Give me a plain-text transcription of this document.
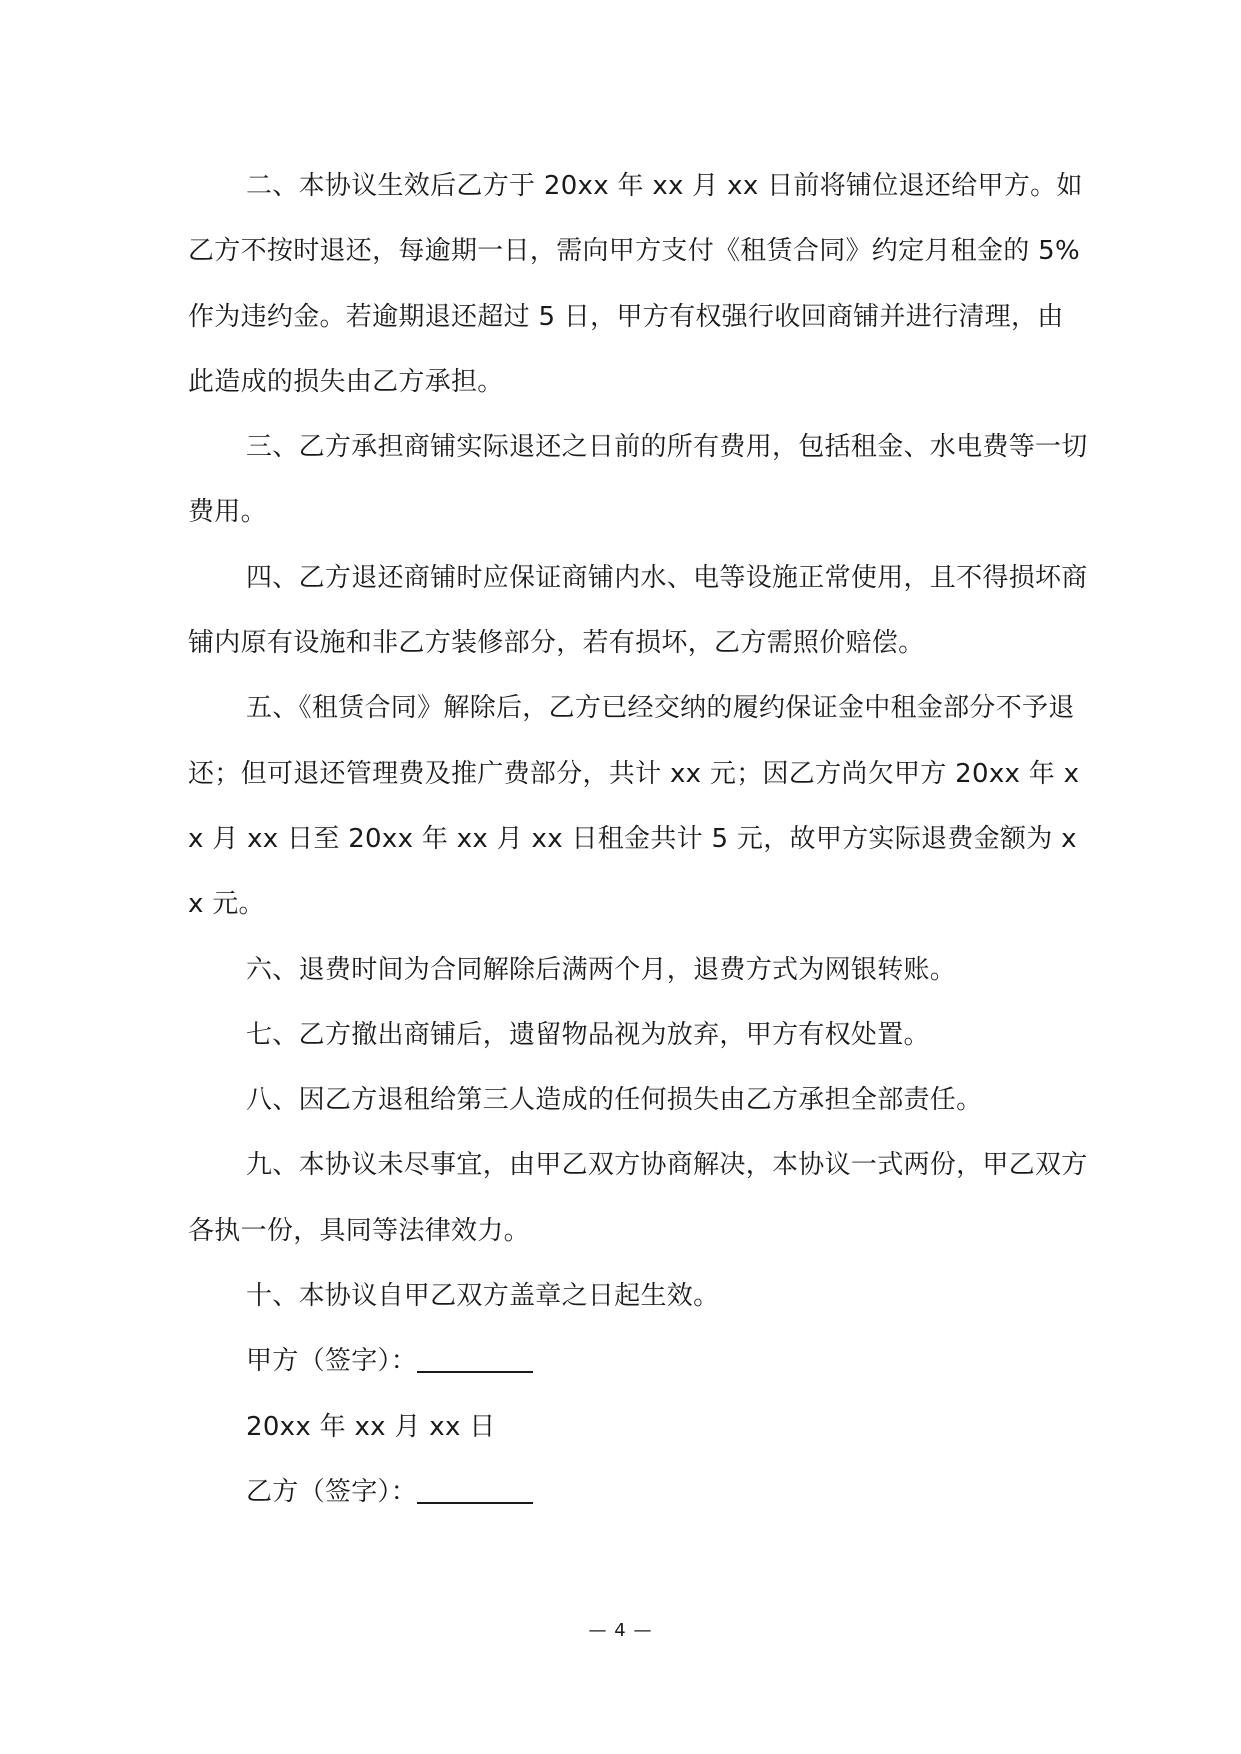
二、本协议生效后乙方于 20xx 年 xx 月 xx 日前将铺位退还给甲方。如乙方不按时退还，每逾期一日，需向甲方支付《租赁合同》约定月租金的 5%作为违约金。若逾期退还超过 5 日，甲方有权强行收回商铺并进行清理，由此造成的损失由乙方承担。

三、乙方承担商铺实际退还之日前的所有费用，包括租金、水电费等一切费用。

四、乙方退还商铺时应保证商铺内水、电等设施正常使用，且不得损坏商铺内原有设施和非乙方装修部分，若有损坏，乙方需照价赔偿。

五、《租赁合同》解除后，乙方已经交纳的履约保证金中租金部分不予退还；但可退还管理费及推广费部分，共计 xx 元；因乙方尚欠甲方 20xx 年 xx 月 xx 日至 20xx 年 xx 月 xx 日租金共计 5 元，故甲方实际退费金额为 xx 元。

六、退费时间为合同解除后满两个月，退费方式为网银转账。

七、乙方撤出商铺后，遗留物品视为放弃，甲方有权处置。

八、因乙方退租给第三人造成的任何损失由乙方承担全部责任。

九、本协议未尽事宜，由甲乙双方协商解决，本协议一式两份，甲乙双方各执一份，具同等法律效力。

十、本协议自甲乙双方盖章之日起生效。

甲方（签字）：

20xx 年 xx 月 xx 日

乙方（签字）：

— 4 —
